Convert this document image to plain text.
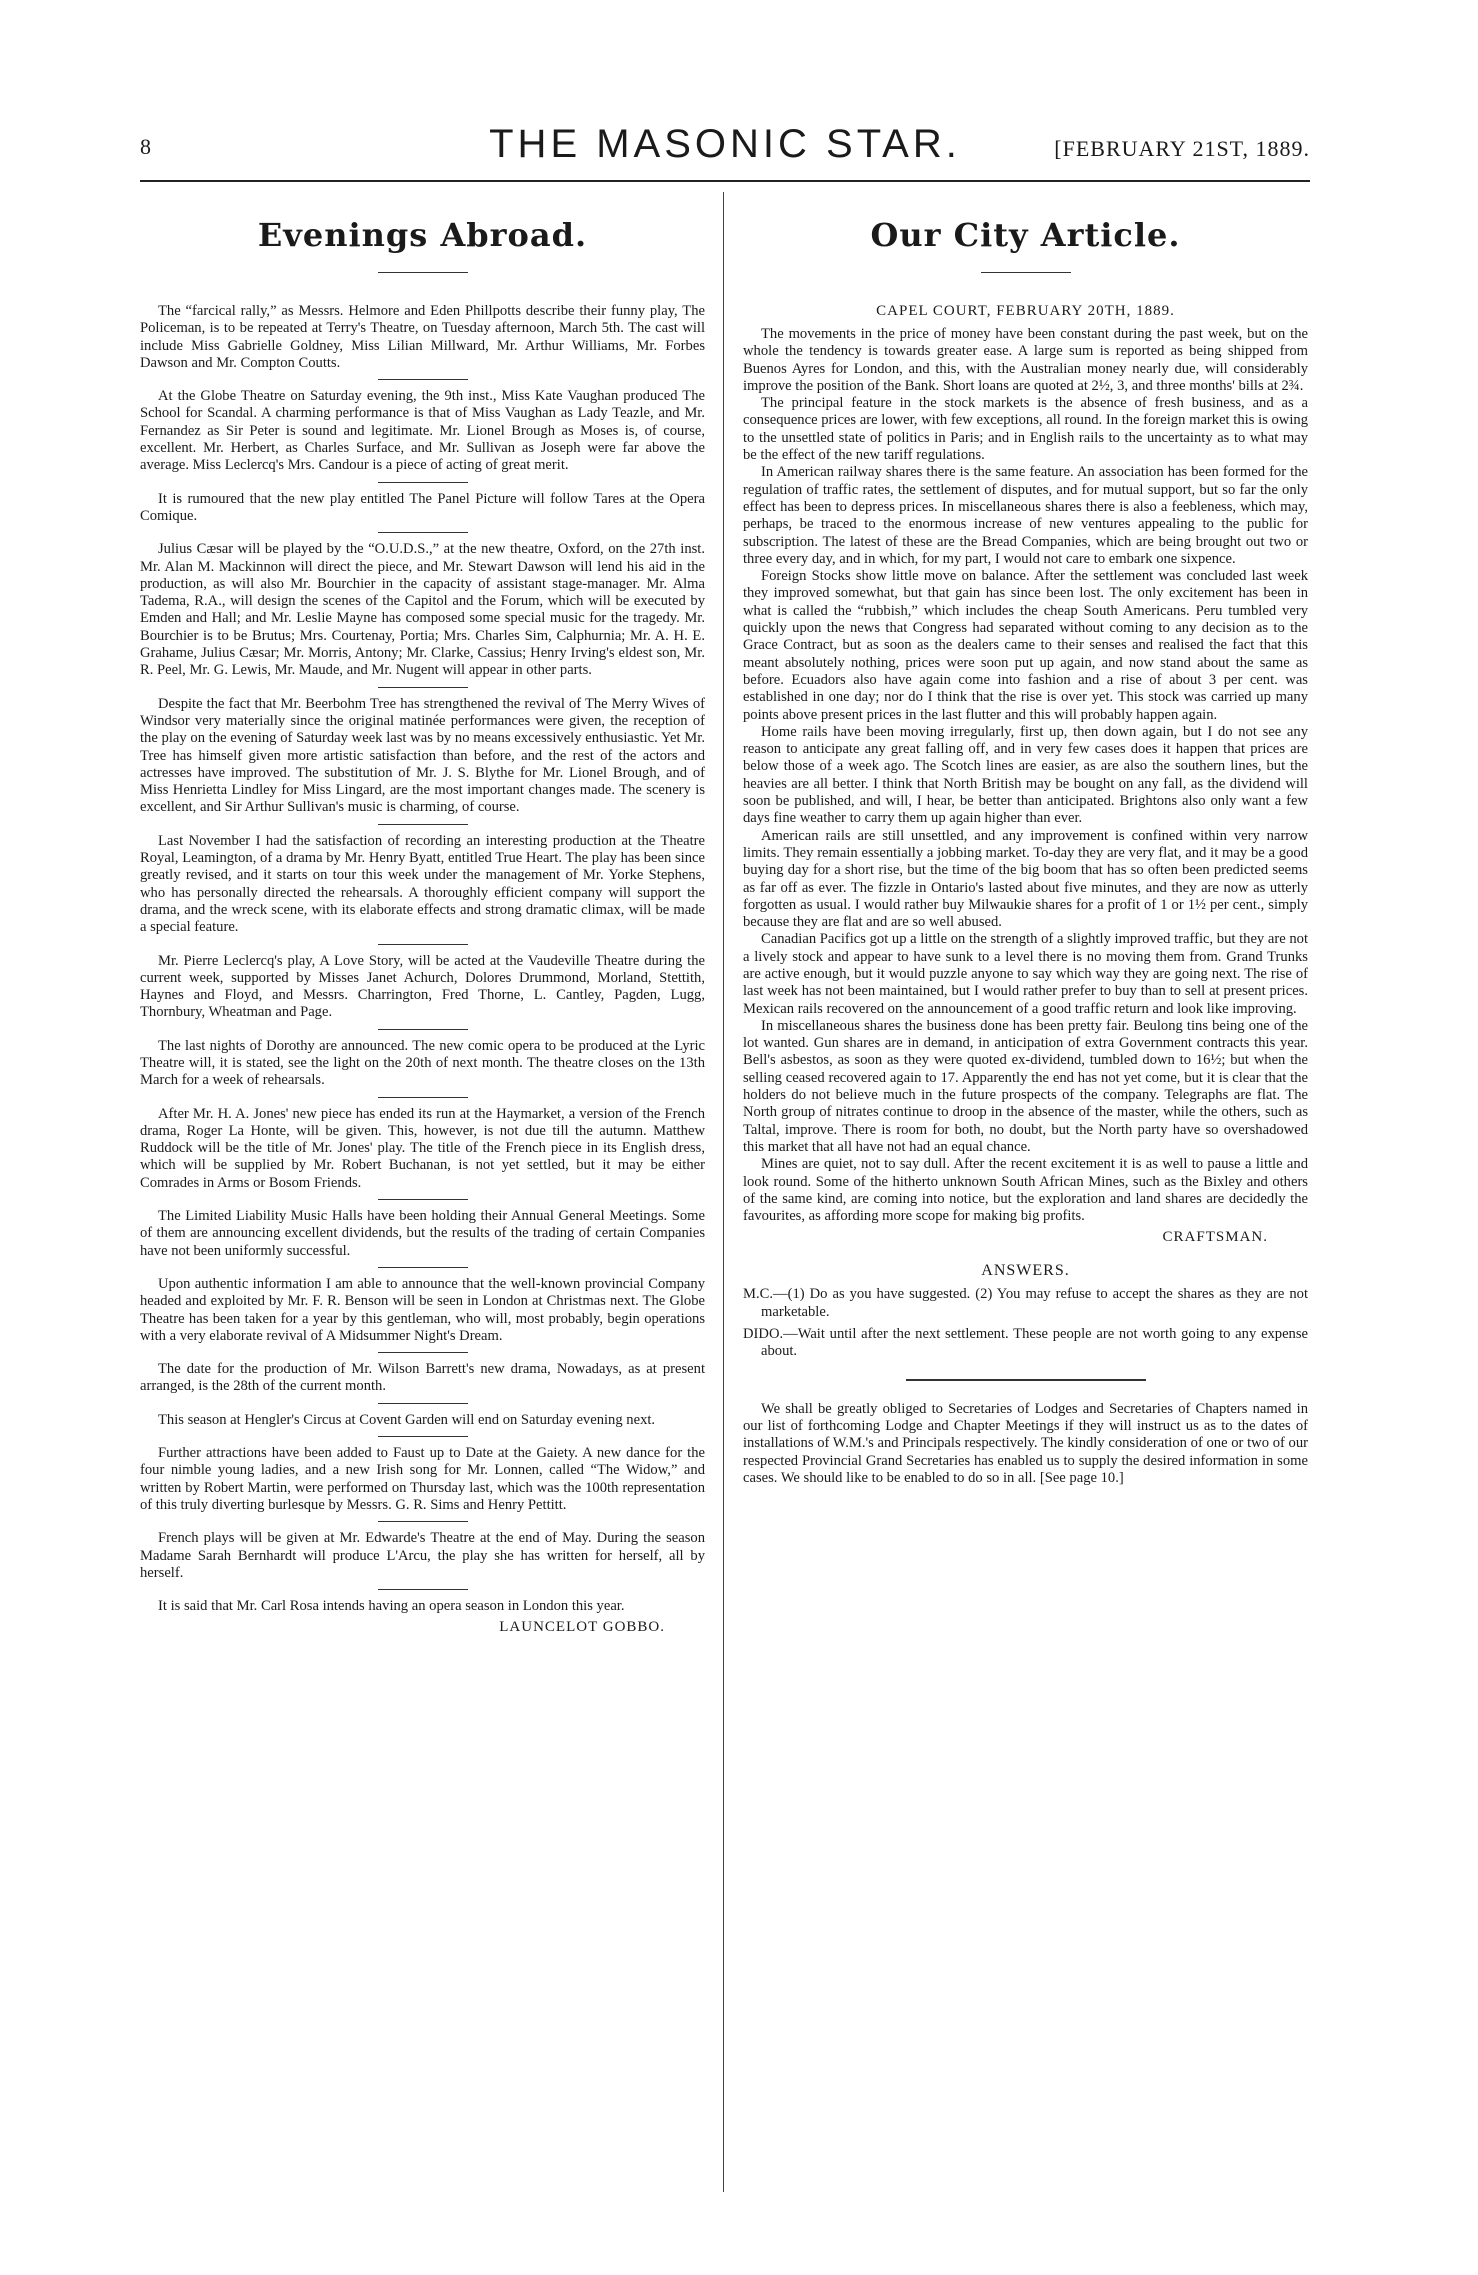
8	THE MASONIC STAR.	[FEBRUARY 21ST, 1889.
Evenings Abroad.

The “farcical rally,” as Messrs. Helmore and Eden Phillpotts describe their funny play, The Policeman, is to be repeated at Terry's Theatre, on Tuesday afternoon, March 5th. The cast will include Miss Gabrielle Goldney, Miss Lilian Millward, Mr. Arthur Williams, Mr. Forbes Dawson and Mr. Compton Coutts.

At the Globe Theatre on Saturday evening, the 9th inst., Miss Kate Vaughan produced The School for Scandal. A charming performance is that of Miss Vaughan as Lady Teazle, and Mr. Fernandez as Sir Peter is sound and legitimate. Mr. Lionel Brough as Moses is, of course, excellent. Mr. Herbert, as Charles Surface, and Mr. Sullivan as Joseph were far above the average. Miss Leclercq's Mrs. Candour is a piece of acting of great merit.

It is rumoured that the new play entitled The Panel Picture will follow Tares at the Opera Comique.

Julius Cæsar will be played by the “O.U.D.S.,” at the new theatre, Oxford, on the 27th inst. Mr. Alan M. Mackinnon will direct the piece, and Mr. Stewart Dawson will lend his aid in the production, as will also Mr. Bourchier in the capacity of assistant stage-manager. Mr. Alma Tadema, R.A., will design the scenes of the Capitol and the Forum, which will be executed by Emden and Hall; and Mr. Leslie Mayne has composed some special music for the tragedy. Mr. Bourchier is to be Brutus; Mrs. Courtenay, Portia; Mrs. Charles Sim, Calphurnia; Mr. A. H. E. Grahame, Julius Cæsar; Mr. Morris, Antony; Mr. Clarke, Cassius; Henry Irving's eldest son, Mr. R. Peel, Mr. G. Lewis, Mr. Maude, and Mr. Nugent will appear in other parts.

Despite the fact that Mr. Beerbohm Tree has strengthened the revival of The Merry Wives of Windsor very materially since the original matinée performances were given, the reception of the play on the evening of Saturday week last was by no means excessively enthusiastic. Yet Mr. Tree has himself given more artistic satisfaction than before, and the rest of the actors and actresses have improved. The substitution of Mr. J. S. Blythe for Mr. Lionel Brough, and of Miss Henrietta Lindley for Miss Lingard, are the most important changes made. The scenery is excellent, and Sir Arthur Sullivan's music is charming, of course.

Last November I had the satisfaction of recording an interesting production at the Theatre Royal, Leamington, of a drama by Mr. Henry Byatt, entitled True Heart. The play has been since greatly revised, and it starts on tour this week under the management of Mr. Yorke Stephens, who has personally directed the rehearsals. A thoroughly efficient company will support the drama, and the wreck scene, with its elaborate effects and strong dramatic climax, will be made a special feature.

Mr. Pierre Leclercq's play, A Love Story, will be acted at the Vaudeville Theatre during the current week, supported by Misses Janet Achurch, Dolores Drummond, Morland, Stettith, Haynes and Floyd, and Messrs. Charrington, Fred Thorne, L. Cantley, Pagden, Lugg, Thornbury, Wheatman and Page.

The last nights of Dorothy are announced. The new comic opera to be produced at the Lyric Theatre will, it is stated, see the light on the 20th of next month. The theatre closes on the 13th March for a week of rehearsals.

After Mr. H. A. Jones' new piece has ended its run at the Haymarket, a version of the French drama, Roger La Honte, will be given. This, however, is not due till the autumn. Matthew Ruddock will be the title of Mr. Jones' play. The title of the French piece in its English dress, which will be supplied by Mr. Robert Buchanan, is not yet settled, but it may be either Comrades in Arms or Bosom Friends.

The Limited Liability Music Halls have been holding their Annual General Meetings. Some of them are announcing excellent dividends, but the results of the trading of certain Companies have not been uniformly successful.

Upon authentic information I am able to announce that the well-known provincial Company headed and exploited by Mr. F. R. Benson will be seen in London at Christmas next. The Globe Theatre has been taken for a year by this gentleman, who will, most probably, begin operations with a very elaborate revival of A Midsummer Night's Dream.

The date for the production of Mr. Wilson Barrett's new drama, Nowadays, as at present arranged, is the 28th of the current month.

This season at Hengler's Circus at Covent Garden will end on Saturday evening next.

Further attractions have been added to Faust up to Date at the Gaiety. A new dance for the four nimble young ladies, and a new Irish song for Mr. Lonnen, called “The Widow,” and written by Robert Martin, were performed on Thursday last, which was the 100th representation of this truly diverting burlesque by Messrs. G. R. Sims and Henry Pettitt.

French plays will be given at Mr. Edwarde's Theatre at the end of May. During the season Madame Sarah Bernhardt will produce L'Arcu, the play she has written for herself, all by herself.

It is said that Mr. Carl Rosa intends having an opera season in London this year.

LAUNCELOT GOBBO.
Our City Article.
CAPEL COURT, FEBRUARY 20TH, 1889.

The movements in the price of money have been constant during the past week, but on the whole the tendency is towards greater ease. A large sum is reported as being shipped from Buenos Ayres for London, and this, with the Australian money nearly due, will considerably improve the position of the Bank. Short loans are quoted at 2½, 3, and three months' bills at 2¾.

The principal feature in the stock markets is the absence of fresh business, and as a consequence prices are lower, with few exceptions, all round. In the foreign market this is owing to the unsettled state of politics in Paris; and in English rails to the uncertainty as to what may be the effect of the new tariff regulations.

In American railway shares there is the same feature. An association has been formed for the regulation of traffic rates, the settlement of disputes, and for mutual support, but so far the only effect has been to depress prices. In miscellaneous shares there is also a feebleness, which may, perhaps, be traced to the enormous increase of new ventures appealing to the public for subscription. The latest of these are the Bread Companies, which are being brought out two or three every day, and in which, for my part, I would not care to embark one sixpence.

Foreign Stocks show little move on balance. After the settlement was concluded last week they improved somewhat, but that gain has since been lost. The only excitement has been in what is called the “rubbish,” which includes the cheap South Americans. Peru tumbled very quickly upon the news that Congress had separated without coming to any decision as to the Grace Contract, but as soon as the dealers came to their senses and realised the fact that this meant absolutely nothing, prices were soon put up again, and now stand about the same as before. Ecuadors also have again come into fashion and a rise of about 3 per cent. was established in one day; nor do I think that the rise is over yet. This stock was carried up many points above present prices in the last flutter and this will probably happen again.

Home rails have been moving irregularly, first up, then down again, but I do not see any reason to anticipate any great falling off, and in very few cases does it happen that prices are below those of a week ago. The Scotch lines are easier, as are also the southern lines, but the heavies are all better. I think that North British may be bought on any fall, as the dividend will soon be published, and will, I hear, be better than anticipated. Brightons also only want a few days fine weather to carry them up again higher than ever.

American rails are still unsettled, and any improvement is confined within very narrow limits. They remain essentially a jobbing market. To-day they are very flat, and it may be a good buying day for a short rise, but the time of the big boom that has so often been predicted seems as far off as ever. The fizzle in Ontario's lasted about five minutes, and they are now as utterly forgotten as usual. I would rather buy Milwaukie shares for a profit of 1 or 1½ per cent., simply because they are flat and are so well abused.

Canadian Pacifics got up a little on the strength of a slightly improved traffic, but they are not a lively stock and appear to have sunk to a level there is no moving them from. Grand Trunks are active enough, but it would puzzle anyone to say which way they are going next. The rise of last week has not been maintained, but I would rather prefer to buy than to sell at present prices. Mexican rails recovered on the announcement of a good traffic return and look like improving.

In miscellaneous shares the business done has been pretty fair. Beulong tins being one of the lot wanted. Gun shares are in demand, in anticipation of extra Government contracts this year. Bell's asbestos, as soon as they were quoted ex-dividend, tumbled down to 16½; but when the selling ceased recovered again to 17. Apparently the end has not yet come, but it is clear that the holders do not believe much in the future prospects of the company. Telegraphs are flat. The North group of nitrates continue to droop in the absence of the master, while the others, such as Taltal, improve. There is room for both, no doubt, but the North party have so overshadowed this market that all have not had an equal chance.

Mines are quiet, not to say dull. After the recent excitement it is as well to pause a little and look round. Some of the hitherto unknown South African Mines, such as the Bixley and others of the same kind, are coming into notice, but the exploration and land shares are decidedly the favourites, as affording more scope for making big profits.

CRAFTSMAN.
ANSWERS.

M.C.—(1) Do as you have suggested. (2) You may refuse to accept the shares as they are not marketable.

DIDO.—Wait until after the next settlement. These people are not worth going to any expense about.

We shall be greatly obliged to Secretaries of Lodges and Secretaries of Chapters named in our list of forthcoming Lodge and Chapter Meetings if they will instruct us as to the dates of installations of W.M.'s and Principals respectively. The kindly consideration of one or two of our respected Provincial Grand Secretaries has enabled us to supply the desired information in some cases. We should like to be enabled to do so in all. [See page 10.]
